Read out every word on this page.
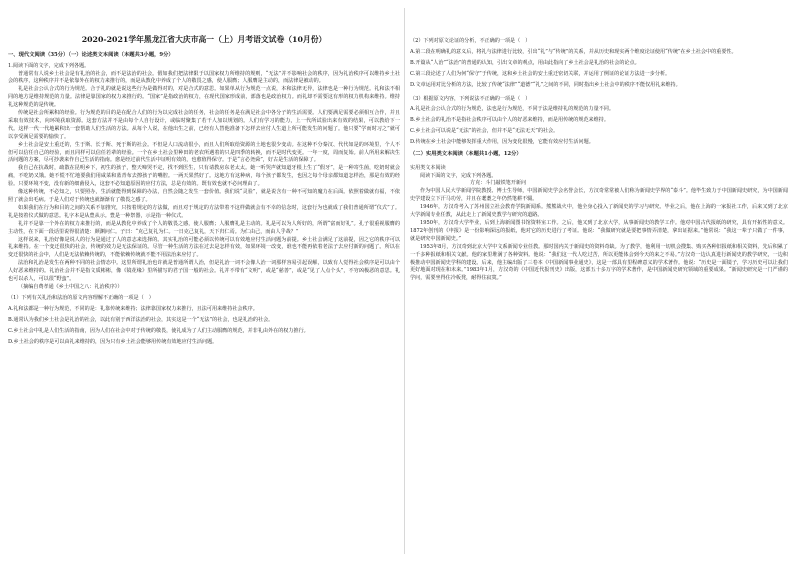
2020-2021学年黑龙江省大庆市高一（上）月考语文试卷（10月份）

一、现代文阅读（35分）（一）论述类文本阅读（本题共3小题，9分）

1.阅读下面的文字，完成下列各题。

普通常有人说乡土社会是有礼治的社会，而不是法治的社会。假如我们把法律限于以国家权力所维持的规则，“无法”并不影响社会的秩序，因为礼治秩序可以维持乡土社会的秩序，这种秩序并不是依靠外在的权力来推行的，而是从教化中养成了个人的敬畏之感，使人服膺；人服膺是主动的，而法律是被动的。

礼是社会公认合式的行为规范。合于礼的就是说这些行为是做得对的，对是合式的意思。如果单从行为规范一点说，本和法律无异，法律也是一种行为规范。礼和法不相同的地方是维持规范的力量。法律是靠国家的权力来推行的。“国家”是指政治的权力，在现代国家形成前，部落也是政治权力。而礼却不需要这有形的权力机构来维持。维持礼这种规范的是传统。

传统是社会所累积的经验。行为规范的目的是在配合人们的行为以完成社会的任务，社会的任务是在满足社会中各分子的生活需要。人们要满足需要必须相互合作，并且采取有效技术，向环境获取资源。这套方法并不是由每个人自行设计，或临时聚集了若干人加以规划的。人们有学习的能力，上一代所试验出来有效的结果，可以教给下一代。这样一代一代地累积出一套帮助人们生活的方法。从每个人说，在他出生之前，已经有人替他准备下怎样去应付人生道上所可能发生的问题了。他只要“学而时习之”就可以享受满足需要的愉快了。

乡土社会是安土重迁的，生于斯、长于斯、死于斯的社会。不但是人口流动很小，而且人们所取给资源的土地也很少变动。在这种不分秦汉、代代如是的环境里，个人不但可以信任自己的经验，而且同样可以信任若辈的经验。一个在乡土社会里种田的老农所遇着的只是四季的转换，而不是时代变更。一年一度，周而复始。前人所用来解决生活问题的方案，尽可抄袭来作自己生活的指南。愈是经过前代生活中证明有效的，也愈值得保守。于是“言必尧舜”，好古是生活的保障了。

我自己在抗战时，疏散在昆明乡下，初生的孩子，整天啼哭不定，找不到医生，只有请教房东老太太。她一听哭声就知道牙根上生了“假牙”，是一种寄生菌，吃奶时就会痛，不吃奶又饿。她不慌不忙地要我们用咸菜和蓝青布去擦孩子的嘴腔。一两天果然好了。这地方有这种病，每个孩子都发生，也因之每个母亲都知道怎样治，那是有效的经验。只要环境不变，没有新的细菌侵入，这套不必知道原因的应付方法，总是有效的。既有效也就不必问理由了。

像这种传统，不必知之，只要照办，生活就能得到保障的办法，自然会随之发生一套价值。我们说“灵验”，就是说含有一种不可知的魔力在后面。依照着做就有福，不依照了就会出毛病。于是人们对于传统也就渐渐有了敬畏之感了。

如果我们在行为和目的之间的关系不加推究，只按着规定的方法做，而且对于规定的方法带着不这样做就会有不幸的信念时，这套行为也就成了我们普通所谓“仪式”了。礼是按着仪式做的意思。礼字本是从豊从示。豊是一种祭器，示是指一种仪式。

礼并不是靠一个外在的权力来推行的，而是从教化中养成了个人的敬畏之感，使人服膺；人服膺礼是主动的。礼是可以为人所好的，所谓“富而好礼”。孔子很重视服膺的主动性，在下面一段话里说得很清楚：颜渊问仁。子曰：“克己复礼为仁。一日克己复礼，天下归仁焉。为仁由己，而由人乎哉？”

这样说来，礼治好像是说人的行为是通过了人的意志来选择的。其实礼治的可能必须以传统可以有效地应付生活问题为前提。乡土社会满足了这前提，因之它的秩序可以礼来维持。在一个变迁很快的社会，传统的效力是无法保证的。尽管一种生活的方法在过去是怎样有效，如果环境一改变，谁也不能再依着老法子去应付新的问题了。所以在变迁很快的社会中，人们是无法依赖传统的，不能依赖传统就不能不用法治来应付了。

法治和礼治是发生在两种不同的社会情态中。这里所谓礼治也许就是普通所谓人治，但是礼治一词不会像人治一词那样容易引起误解，以致有人觉得社会秩序是可以由个人好恶来维持的。礼治社会并不是指文质彬彬，像《镜花缘》里所描写的君子国一般的社会。礼并不带有“文明”，或是“慈善”，或是“见了人点个头”，不穷凶极恶的意思。礼也可以杀人，可以很“野蛮”。

（摘编自费孝通《乡土中国之八：礼治秩序》）

（1）下列有关礼治和法治的原文内容理解不正确的一项是（　）

A.礼和法都是一种行为规范，不同的是：礼靠传统来维持；法律靠国家权力来推行，且法可用来维持社会秩序。

B.通常认为我们乡土社会是礼治的社会，以此有别于西洋法治的社会，其实这是一个“无法”的社会，也是礼治的社会。

C.乡土社会中礼是人们生活的指南，因为人们在社会中对于传统的敬畏，使礼成为了人们主动服膺的规范，并非礼由外在的权力推行。

D.乡土社会的秩序是可以由礼来维持的，因为只有乡土社会能够用传统有效地应付生活问题。

（2）下列对原文论证的分析，不正确的一项是（　）

A.第二段在明确礼的意义后，将礼与法律进行比较，引出“礼”与“传统”的关系，并从历史和现实两个维度论证使用“传统”在乡土社会中的重要性。

B.开篇从“人治”“法治”的普通的认知，引出文章的观点，用由此指向了乡土社会是礼治的社会的论点。

C.第三段论述了人们为何“保守”于传统，这和乡土社会的安土重迁密切关联，并运用了例证的论证方法进一步分析。

D.文章运用对比分析的方法，比较了传统“法律”“道德”“礼”之间的不同，同时指出乡土社会中的秩序不能仅用礼来维持。

（3）根据原文内容，下列说法不正确的一项是（　）

A.礼是社会公认合式的行为规范，法也是行为规范，不同于法是维持礼的规范的力量不同。

B.乡土社会的礼治不是指社会秩序可以由个人的好恶来维持，而是用传统的规范来维持。

C.乡土社会可以说是“无法”的社会，但并不是“无法无天”的社会。

D.传统在乡土社会中能够发挥重大作用，因为变化很慢，它能有效应付生活问题。

（二）实用类文本阅读（本题共1小题，12分）

实用类文本阅读

阅读下面的文字，完成下列各题。

方克：斗门敲铁笔开新问

作为中国人民大学新闻学院教授、博士生导师，中国新闻史学会名誉会长，方汉奇常常被人们称为新闻史学界的“泰斗”。他毕生致力于中国新闻史研究，为中国新闻史学建设立下汗马功劳，并且在耄耋之年仍然笔耕不辍。

1946年，方汉奇考入了苏州国立社会教育学院新闻系。熊熊战火中，他全身心投入了新闻史的学习与研究。毕业之后，他在上海的一家报社工作，后来又到了北京大学新闻专业任教，从此走上了新闻史教学与研究的道路。

1950年，方汉奇大学毕业，后到上海新闻图书馆资料室工作。之后，他又到了北京大学，从事新闻史的教学工作。他对中国古代报纸的研究，具有开拓性的意义。1872年创刊的《申报》是一份影响深远的报纸，他对它的历史进行了考证。他说：“我做研究就是要把事情弄清楚，拿出证据来。”他常说：“我这一辈子只做了一件事，就是研究中国新闻史。”

1953年8月，方汉奇到北京大学中文系新闻专业任教。那时国内关于新闻史的资料奇缺。为了教学，他利用一切机会搜集、购买各种旧报纸和相关资料，先后积累了一千多种报纸和相关文献。他的家里堆满了各种资料。他说：“我们这一代人吃过苦，所以更能体会到今天的来之不易。”方汉奇一边认真进行新闻史的教学研究，一边积极推动中国新闻史学科的建设。后来，他主编出版了三卷本《中国新闻事业通史》，这是一部具有里程碑意义的学术著作。他说：“历史是一面镜子，学习历史可以让我们更好地面对现在和未来。”1983年1月，方汉奇的《中国近代报刊史》出版，这部五十多万字的学术著作，是中国新闻史研究领域的重要成果。“新闻史研究是一门严谨的学问，需要坐得住冷板凳，耐得住寂寞。”
